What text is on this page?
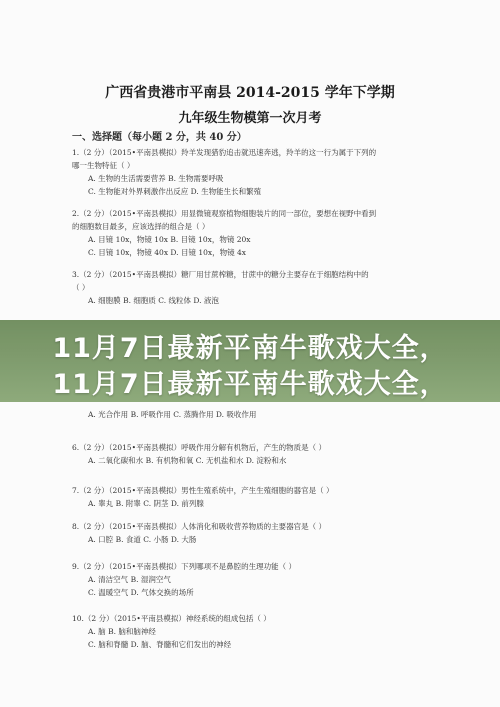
广西省贵港市平南县 2014-2015 学年下学期
九年级生物模第一次月考
一、选择题（每小题 2 分，共 40 分）
1.（2 分）（2015•平南县模拟）羚羊发现猎豹追击就迅速奔逃，羚羊的这一行为属于下列的
哪一生物特征（ ）
A. 生物的生活需要营养 B. 生物需要呼吸
C. 生物能对外界刺激作出反应 D. 生物能生长和繁殖
2.（2 分）（2015•平南县模拟）用显微镜观察植物细胞装片的同一部位，要想在视野中看到
的细胞数目最多，应该选择的组合是（ ）
A. 目镜 10x，物镜 10x B. 目镜 10x，物镜 20x
C. 目镜 10x，物镜 40x D. 目镜 10x，物镜 4x
3.（2 分）（2015•平南县模拟）糖厂用甘蔗榨糖，甘蔗中的糖分主要存在于细胞结构中的
（ ）
A. 细胞膜 B. 细胞质 C. 线粒体 D. 液泡
11月7日最新平南牛歌戏大全，
11月7日最新平南牛歌戏大全，
A. 光合作用 B. 呼吸作用 C. 蒸腾作用 D. 吸收作用
6.（2 分）（2015•平南县模拟）呼吸作用分解有机物后，产生的物质是（ ）
A. 二氧化碳和水 B. 有机物和氧 C. 无机盐和水 D. 淀粉和水
7.（2 分）（2015•平南县模拟）男性生殖系统中，产生生殖细胞的器官是（ ）
A. 睾丸 B. 附睾 C. 阴茎 D. 前列腺
8.（2 分）（2015•平南县模拟）人体消化和吸收营养物质的主要器官是（ ）
A. 口腔 B. 食道 C. 小肠 D. 大肠
9.（2 分）（2015•平南县模拟）下列哪项不是鼻腔的生理功能（ ）
A. 清洁空气 B. 湿润空气
C. 温暖空气 D. 气体交换的场所
10.（2 分）（2015•平南县模拟）神经系统的组成包括（ ）
A. 脑 B. 脑和脑神经
C. 脑和脊髓 D. 脑、脊髓和它们发出的神经
